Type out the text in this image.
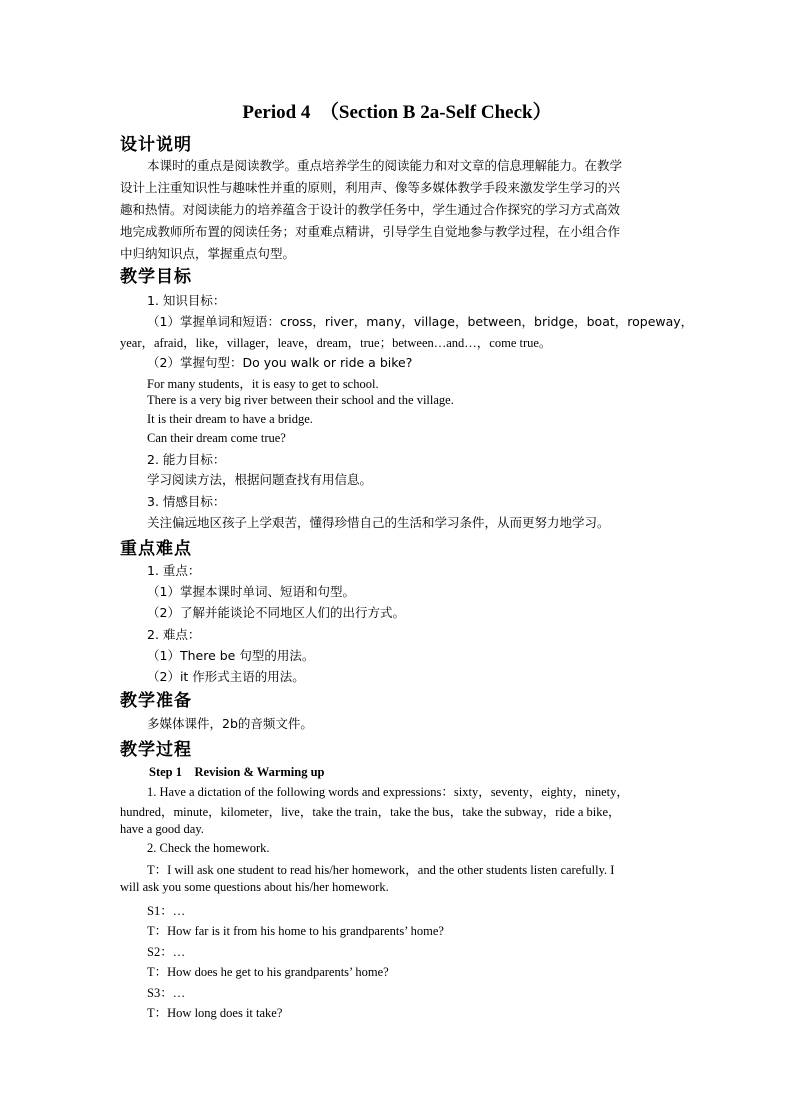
Period 4　（Section B 2a-Self Check）
设计说明
本课时的重点是阅读教学。重点培养学生的阅读能力和对文章的信息理解能力。在教学
设计上注重知识性与趣味性并重的原则，利用声、像等多媒体教学手段来激发学生学习的兴
趣和热情。对阅读能力的培养蕴含于设计的教学任务中，学生通过合作探究的学习方式高效
地完成教师所布置的阅读任务；对重难点精讲，引导学生自觉地参与教学过程，在小组合作
中归纳知识点，掌握重点句型。
教学目标
1. 知识目标：
（1）掌握单词和短语：cross，river，many，village，between，bridge，boat，ropeway，
year，afraid，like，villager，leave，dream，true；between…and…，come true。
（2）掌握句型：Do you walk or ride a bike?
For many students，it is easy to get to school.
There is a very big river between their school and the village.
It is their dream to have a bridge.
Can their dream come true?
2. 能力目标：
学习阅读方法，根据问题查找有用信息。
3. 情感目标：
关注偏远地区孩子上学艰苦，懂得珍惜自己的生活和学习条件，从而更努力地学习。
重点难点
1. 重点：
（1）掌握本课时单词、短语和句型。
（2）了解并能谈论不同地区人们的出行方式。
2. 难点：
（1）There be 句型的用法。
（2）it 作形式主语的用法。
教学准备
多媒体课件，2b的音频文件。
教学过程
Step 1　Revision & Warming up
1. Have a dictation of the following words and expressions：sixty，seventy，eighty，ninety，
hundred，minute，kilometer，live，take the train，take the bus，take the subway，ride a bike，
have a good day.
2. Check the homework.
T：I will ask one student to read his/her homework，and the other students listen carefully. I
will ask you some questions about his/her homework.
S1：…
T：How far is it from his home to his grandparents’ home?
S2：…
T：How does he get to his grandparents’ home?
S3：…
T：How long does it take?
